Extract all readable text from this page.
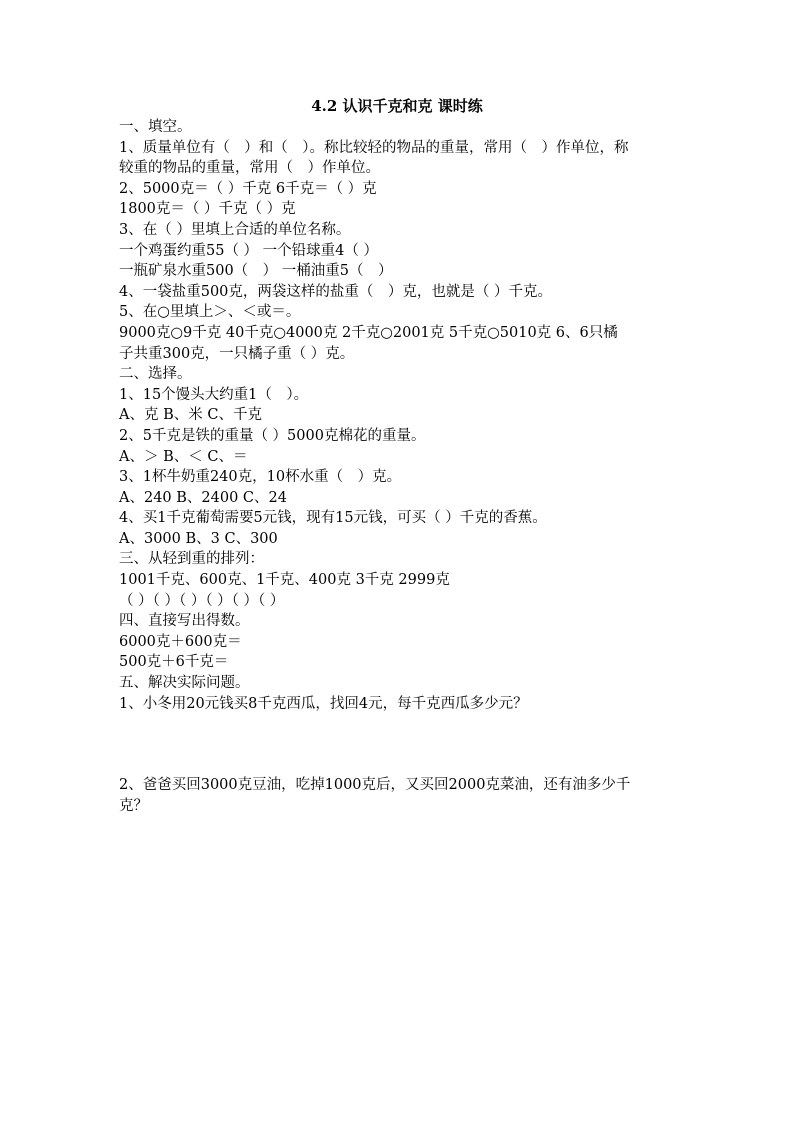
4.2 认识千克和克 课时练
一、填空。
1、质量单位有（　）和（　）。称比较轻的物品的重量，常用（　）作单位，称
较重的物品的重量，常用（　）作单位。
2、5000克＝（ ）千克 6千克＝（ ）克
1800克＝（ ）千克（ ）克
3、在（ ）里填上合适的单位名称。
一个鸡蛋约重55（ ） 一个铅球重4（ ）
一瓶矿泉水重500（　） 一桶油重5（　）
4、一袋盐重500克，两袋这样的盐重（　）克，也就是（ ）千克。
5、在○里填上＞、＜或＝。
9000克○9千克 40千克○4000克 2千克○2001克 5千克○5010克 6、6只橘
子共重300克，一只橘子重（ ）克。
二、选择。
1、15个馒头大约重1（　）。
A、克 B、米 C、千克
2、5千克是铁的重量（ ）5000克棉花的重量。
A、＞ B、＜ C、＝
3、1杯牛奶重240克，10杯水重（　）克。
A、240 B、2400 C、24
4、买1千克葡萄需要5元钱，现有15元钱，可买（ ）千克的香蕉。
A、3000 B、3 C、300
三、从轻到重的排列：
1001千克、600克、1千克、400克 3千克 2999克
（ ）（ ）（ ）（ ）（ ）（ ）
四、直接写出得数。
6000克＋600克＝
500克＋6千克＝
五、解决实际问题。
1、小冬用20元钱买8千克西瓜，找回4元，每千克西瓜多少元？
2、爸爸买回3000克豆油，吃掉1000克后，又买回2000克菜油，还有油多少千
克？
